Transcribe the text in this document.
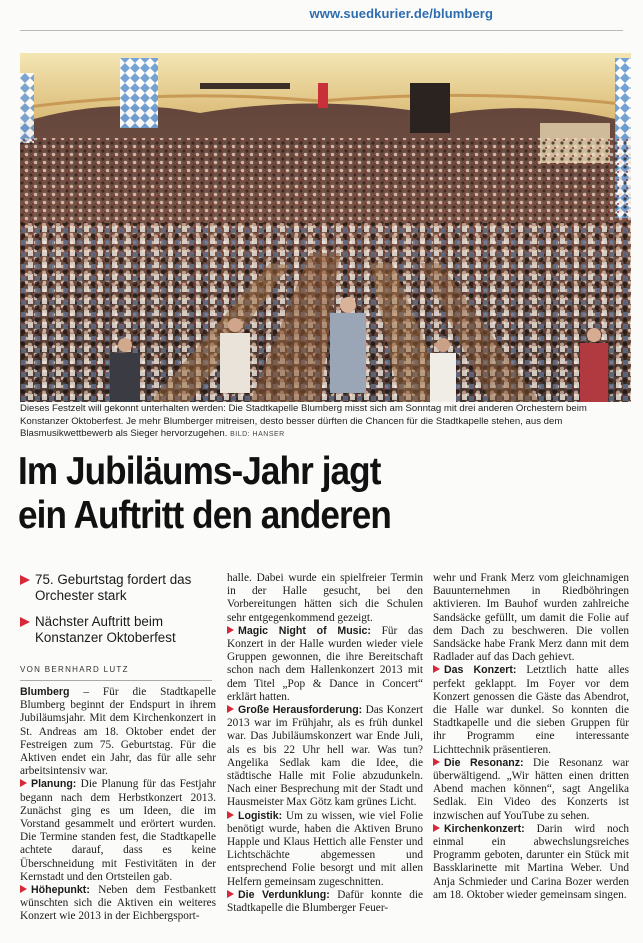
www.suedkurier.de/blumberg
Dieses Festzelt will gekonnt unterhalten werden: Die Stadtkapelle Blumberg misst sich am Sonntag mit drei anderen Orchestern beim Konstanzer Oktoberfest. Je mehr Blumberger mitreisen, desto besser dürften die Chancen für die Stadtkapelle stehen, aus dem Blasmusikwettbewerb als Sieger hervorzugehen. BILD: HANSER
Im Jubiläums-Jahr jagt
ein Auftritt den anderen
75. Geburtstag fordert das Orchester stark
Nächster Auftritt beim Konstanzer Oktoberfest
VON BERNHARD LUTZ

Blumberg – Für die Stadtkapelle Blumberg beginnt der Endspurt in ihrem Jubiläumsjahr. Mit dem Kirchenkonzert in St. Andreas am 18. Oktober endet der Festreigen zum 75. Geburtstag. Für die Aktiven endet ein Jahr, das für alle sehr arbeitsintensiv war.

Planung: Die Planung für das Festjahr begann nach dem Herbstkonzert 2013. Zunächst ging es um Ideen, die im Vorstand gesammelt und erörtert wurden. Die Termine standen fest, die Stadtkapelle achtete darauf, dass es keine Überschneidung mit Festivitäten in der Kernstadt und den Ortsteilen gab.

Höhepunkt: Neben dem Festbankett wünschten sich die Aktiven ein weiteres Konzert wie 2013 in der Eichbergsport-

halle. Dabei wurde ein spielfreier Termin in der Halle gesucht, bei den Vorbereitungen hätten sich die Schulen sehr entgegenkommend gezeigt.

Magic Night of Music: Für das Konzert in der Halle wurden wieder viele Gruppen gewonnen, die ihre Bereitschaft schon nach dem Hallenkonzert 2013 mit dem Titel „Pop & Dance in Concert“ erklärt hatten.

Große Herausforderung: Das Konzert 2013 war im Frühjahr, als es früh dunkel war. Das Jubiläumskonzert war Ende Juli, als es bis 22 Uhr hell war. Was tun? Angelika Sedlak kam die Idee, die städtische Halle mit Folie abzudunkeln. Nach einer Besprechung mit der Stadt und Hausmeister Max Götz kam grünes Licht.

Logistik: Um zu wissen, wie viel Folie benötigt wurde, haben die Aktiven Bruno Happle und Klaus Hettich alle Fenster und Lichtschächte abgemessen und entsprechend Folie besorgt und mit allen Helfern gemeinsam zugeschnitten.

Die Verdunklung: Dafür konnte die Stadtkapelle die Blumberger Feuer-

wehr und Frank Merz vom gleichnamigen Bauunternehmen in Riedböhringen aktivieren. Im Bauhof wurden zahlreiche Sandsäcke gefüllt, um damit die Folie auf dem Dach zu beschweren. Die vollen Sandsäcke habe Frank Merz dann mit dem Radlader auf das Dach gehievt.

Das Konzert: Letztlich hatte alles perfekt geklappt. Im Foyer vor dem Konzert genossen die Gäste das Abendrot, die Halle war dunkel. So konnten die Stadtkapelle und die sieben Gruppen für ihr Programm eine interessante Lichttechnik präsentieren.

Die Resonanz: Die Resonanz war überwältigend. „Wir hätten einen dritten Abend machen können“, sagt Angelika Sedlak. Ein Video des Konzerts ist inzwischen auf YouTube zu sehen.

Kirchenkonzert: Darin wird noch einmal ein abwechslungsreiches Programm geboten, darunter ein Stück mit Bassklarinette mit Martina Weber. Und Anja Schmieder und Carina Bozer werden am 18. Oktober wieder gemeinsam singen.
